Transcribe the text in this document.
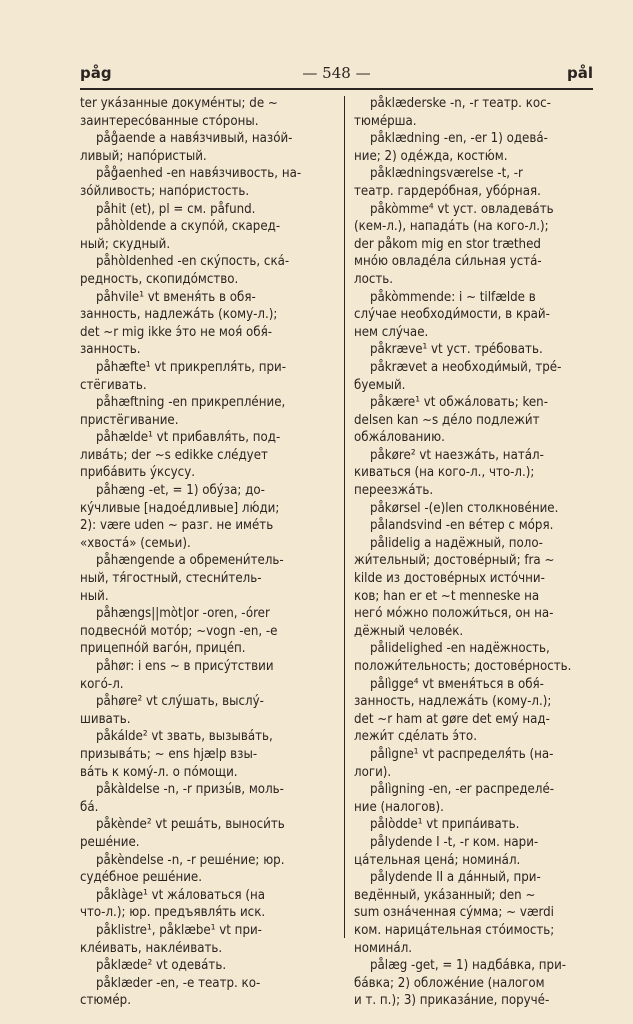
påg	— 548 —	pål

ter ука́занные докуме́нты; de ~
заинтересо́ванные сто́роны.

påg̊aende a навя́зчивый, назо́й-
ливый; напо́ристый.

påg̊aenhed -en навя́зчивость, на-
зо́йливость; напо́ристость.

påhit (et), pl = см. påfund.

påhòldende a скупо́й, скаред-
ный; скудный.

påhòldenhed -en ску́пость, ска́-
редность, скопидо́мство.

påhvile¹ vt вменя́ть в обя-
занность, надлежа́ть (кому-л.);
det ~r mig ikke э́то не моя́ обя́-
занность.

påhæfte¹ vt прикрепля́ть, при-
стёгивать.

påhæftning -en прикрепле́ние,
пристёгивание.

påhælde¹ vt прибавля́ть, под-
лива́ть; der ~s edikke сле́дует
приба́вить у́ксусу.

påhæng -et, = 1) обу́за; до-
ку́чливые [надое́дливые] лю́ди;
2): være uden ~ разг. не име́ть
«хвоста́» (семьи).

påhængende a обремени́тель-
ный, тя́гостный, стесни́тель-
ный.

påhængs||mòt|or -oren, -órer
подвесно́й мото́р; ~vogn -en, -e
прицепно́й ваго́н, прице́п.

påhør: i ens ~ в прису́тствии
кого́-л.

påhøre² vt слу́шать, выслу́-
шивать.

påkálde² vt звать, вызыва́ть,
призыва́ть; ~ ens hjælp взы-
ва́ть к кому́-л. о по́мощи.

påkàldelse -n, -r призы́в, моль-
ба́.

påkènde² vt реша́ть, выноси́ть
реше́ние.

påkèndelse -n, -r реше́ние; юр.
суде́бное реше́ние.

påklàge¹ vt жа́ловаться (на
что-л.); юр. предъявля́ть иск.

påklistre¹, påklæbe¹ vt при-
кле́ивать, накле́ивать.

påklæde² vt одева́ть.

påklæder -en, -e театр. ко-
стюме́р.

påklæderske -n, -r театр. кос-
тюме́рша.

påklædning -en, -er 1) одева́-
ние; 2) оде́жда, костю́м.

påklædningsværelse -t, -r
театр. гардеро́бная, убо́рная.

påkòmme⁴ vt уст. овладева́ть
(кем-л.), напада́ть (на кого-л.);
der påkom mig en stor træthed
мно́ю овладе́ла си́льная уста́-
лость.

påkòmmende: i ~ tilfælde в
слу́чае необходи́мости, в край-
нем слу́чае.

påkræve¹ vt уст. тре́бовать.

påkrævet a необходи́мый, тре́-
буемый.

påkære¹ vt обжа́ловать; ken-
delsen kan ~s де́ло подлежи́т
обжа́лованию.

påkøre² vt наезжа́ть, ната́л-
киваться (на кого-л., что-л.);
переезжа́ть.

påkørsel -(e)len столкнове́ние.

pålandsvind -en ве́тер с мо́ря.

pålidelig a надёжный, поло-
жи́тельный; достове́рный; fra ~
kilde из достове́рных исто́чни-
ков; han er et ~t menneske на
него́ мо́жно положи́ться, он на-
дёжный челове́к.

pålidelighed -en надёжность,
положи́тельность; достове́рность.

pålìgge⁴ vt вменя́ться в обя́-
занность, надлежа́ть (кому-л.);
det ~r ham at gøre det ему́ над-
лежи́т сде́лать э́то.

pålìgne¹ vt распределя́ть (на-
логи).

pålìgning -en, -er распределе́-
ние (налогов).

pålòdde¹ vt припа́ивать.

pålydende I -t, -r ком. нари-
ца́тельная цена́; номина́л.

pålydende II a да́нный, при-
ведённый, ука́занный; den ~
sum озна́ченная су́мма; ~ værdi
ком. нарица́тельная сто́имость;
номина́л.

pålæg -get, = 1) надба́вка, при-
ба́вка; 2) обложе́ние (налогом
и т. п.); 3) приказа́ние, поруче́-
